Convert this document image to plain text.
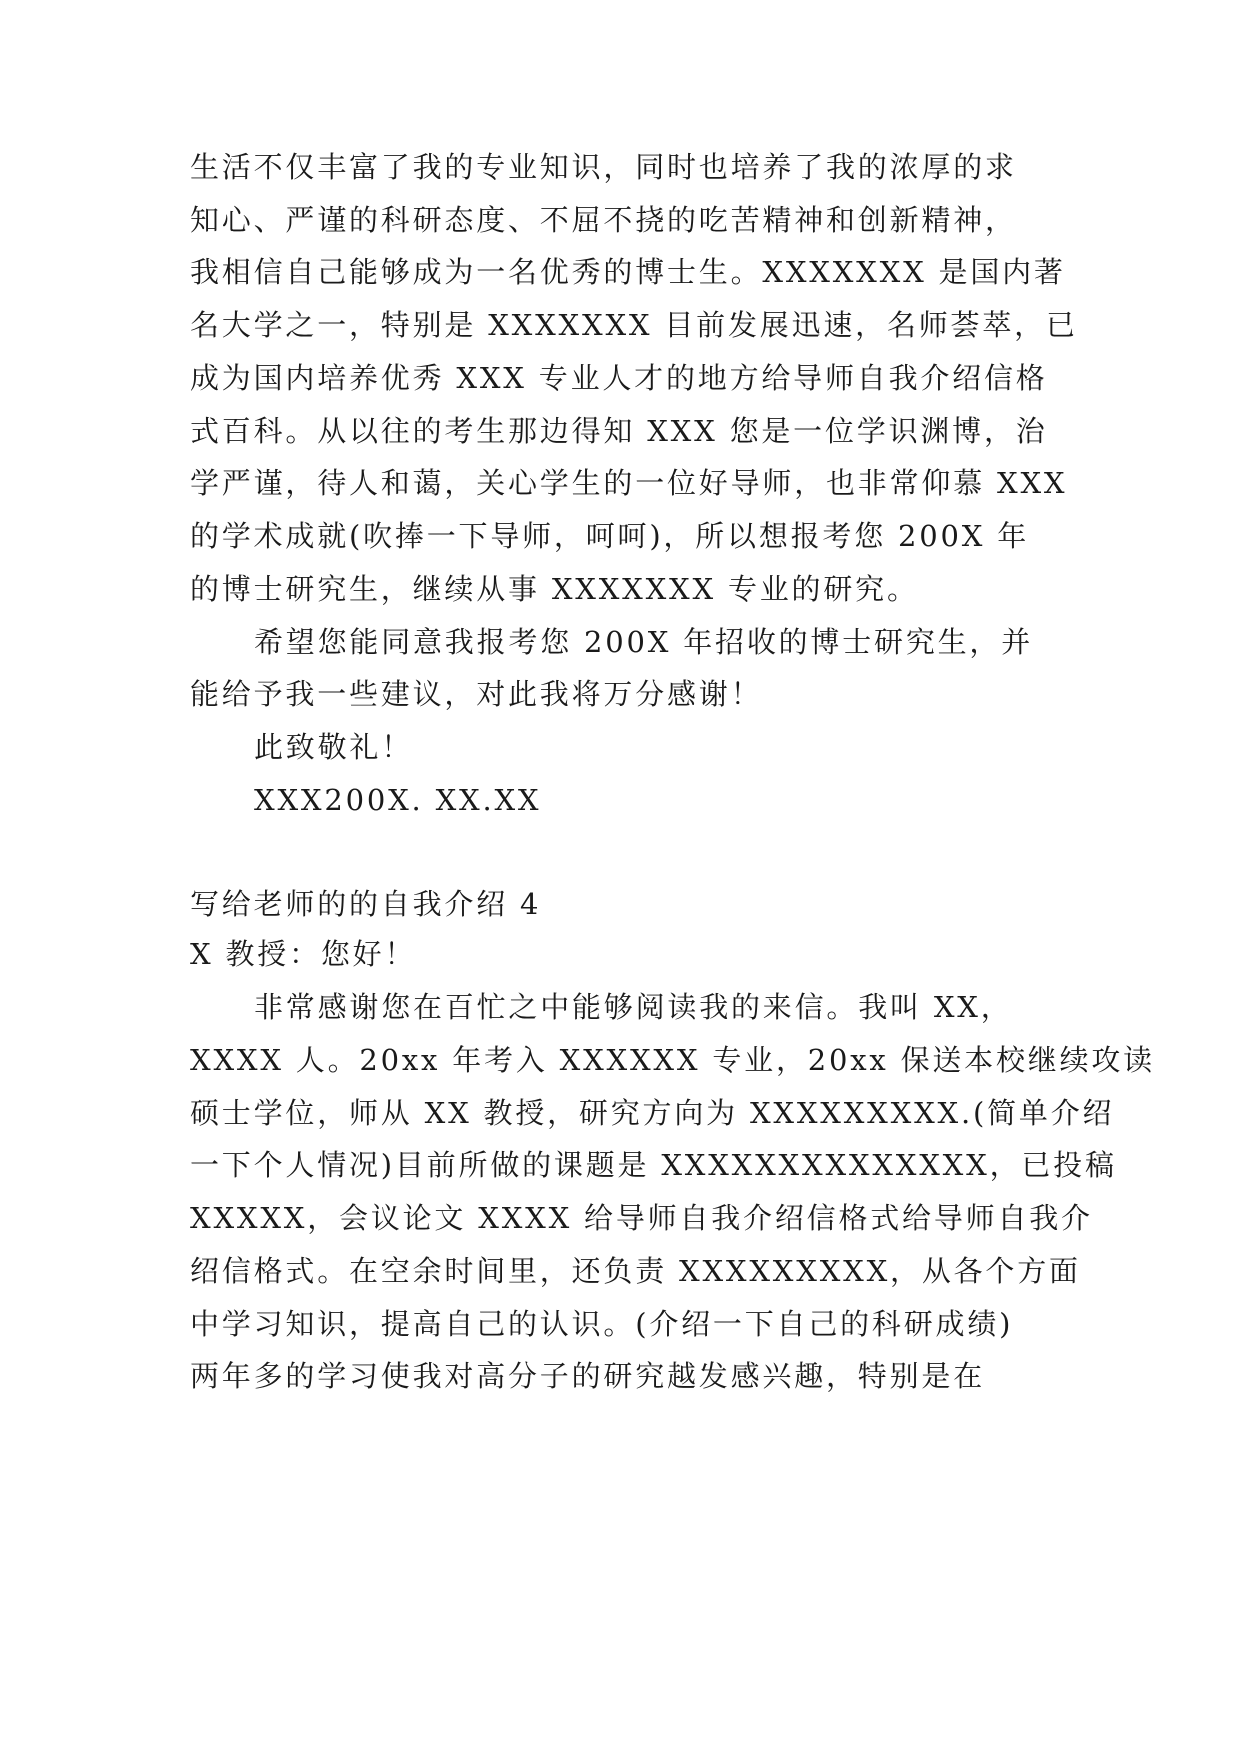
生活不仅丰富了我的专业知识，同时也培养了我的浓厚的求
知心、严谨的科研态度、不屈不挠的吃苦精神和创新精神，
我相信自己能够成为一名优秀的博士生。XXXXXXX 是国内著
名大学之一，特别是 XXXXXXX 目前发展迅速，名师荟萃，已
成为国内培养优秀 XXX 专业人才的地方给导师自我介绍信格
式百科。从以往的考生那边得知 XXX 您是一位学识渊博，治
学严谨，待人和蔼，关心学生的一位好导师，也非常仰慕 XXX
的学术成就(吹捧一下导师，呵呵)，所以想报考您 200X 年
的博士研究生，继续从事 XXXXXXX 专业的研究。
希望您能同意我报考您 200X 年招收的博士研究生，并
能给予我一些建议，对此我将万分感谢！
此致敬礼！
XXX200X. XX.XX
写给老师的的自我介绍 4
X 教授：您好！
非常感谢您在百忙之中能够阅读我的来信。我叫 XX，
XXXX 人。20xx 年考入 XXXXXX 专业，20xx 保送本校继续攻读
硕士学位，师从 XX 教授，研究方向为 XXXXXXXXX.(简单介绍
一下个人情况)目前所做的课题是 XXXXXXXXXXXXXX，已投稿
XXXXX，会议论文 XXXX 给导师自我介绍信格式给导师自我介
绍信格式。在空余时间里，还负责 XXXXXXXXX，从各个方面
中学习知识，提高自己的认识。(介绍一下自己的科研成绩)
两年多的学习使我对高分子的研究越发感兴趣，特别是在
